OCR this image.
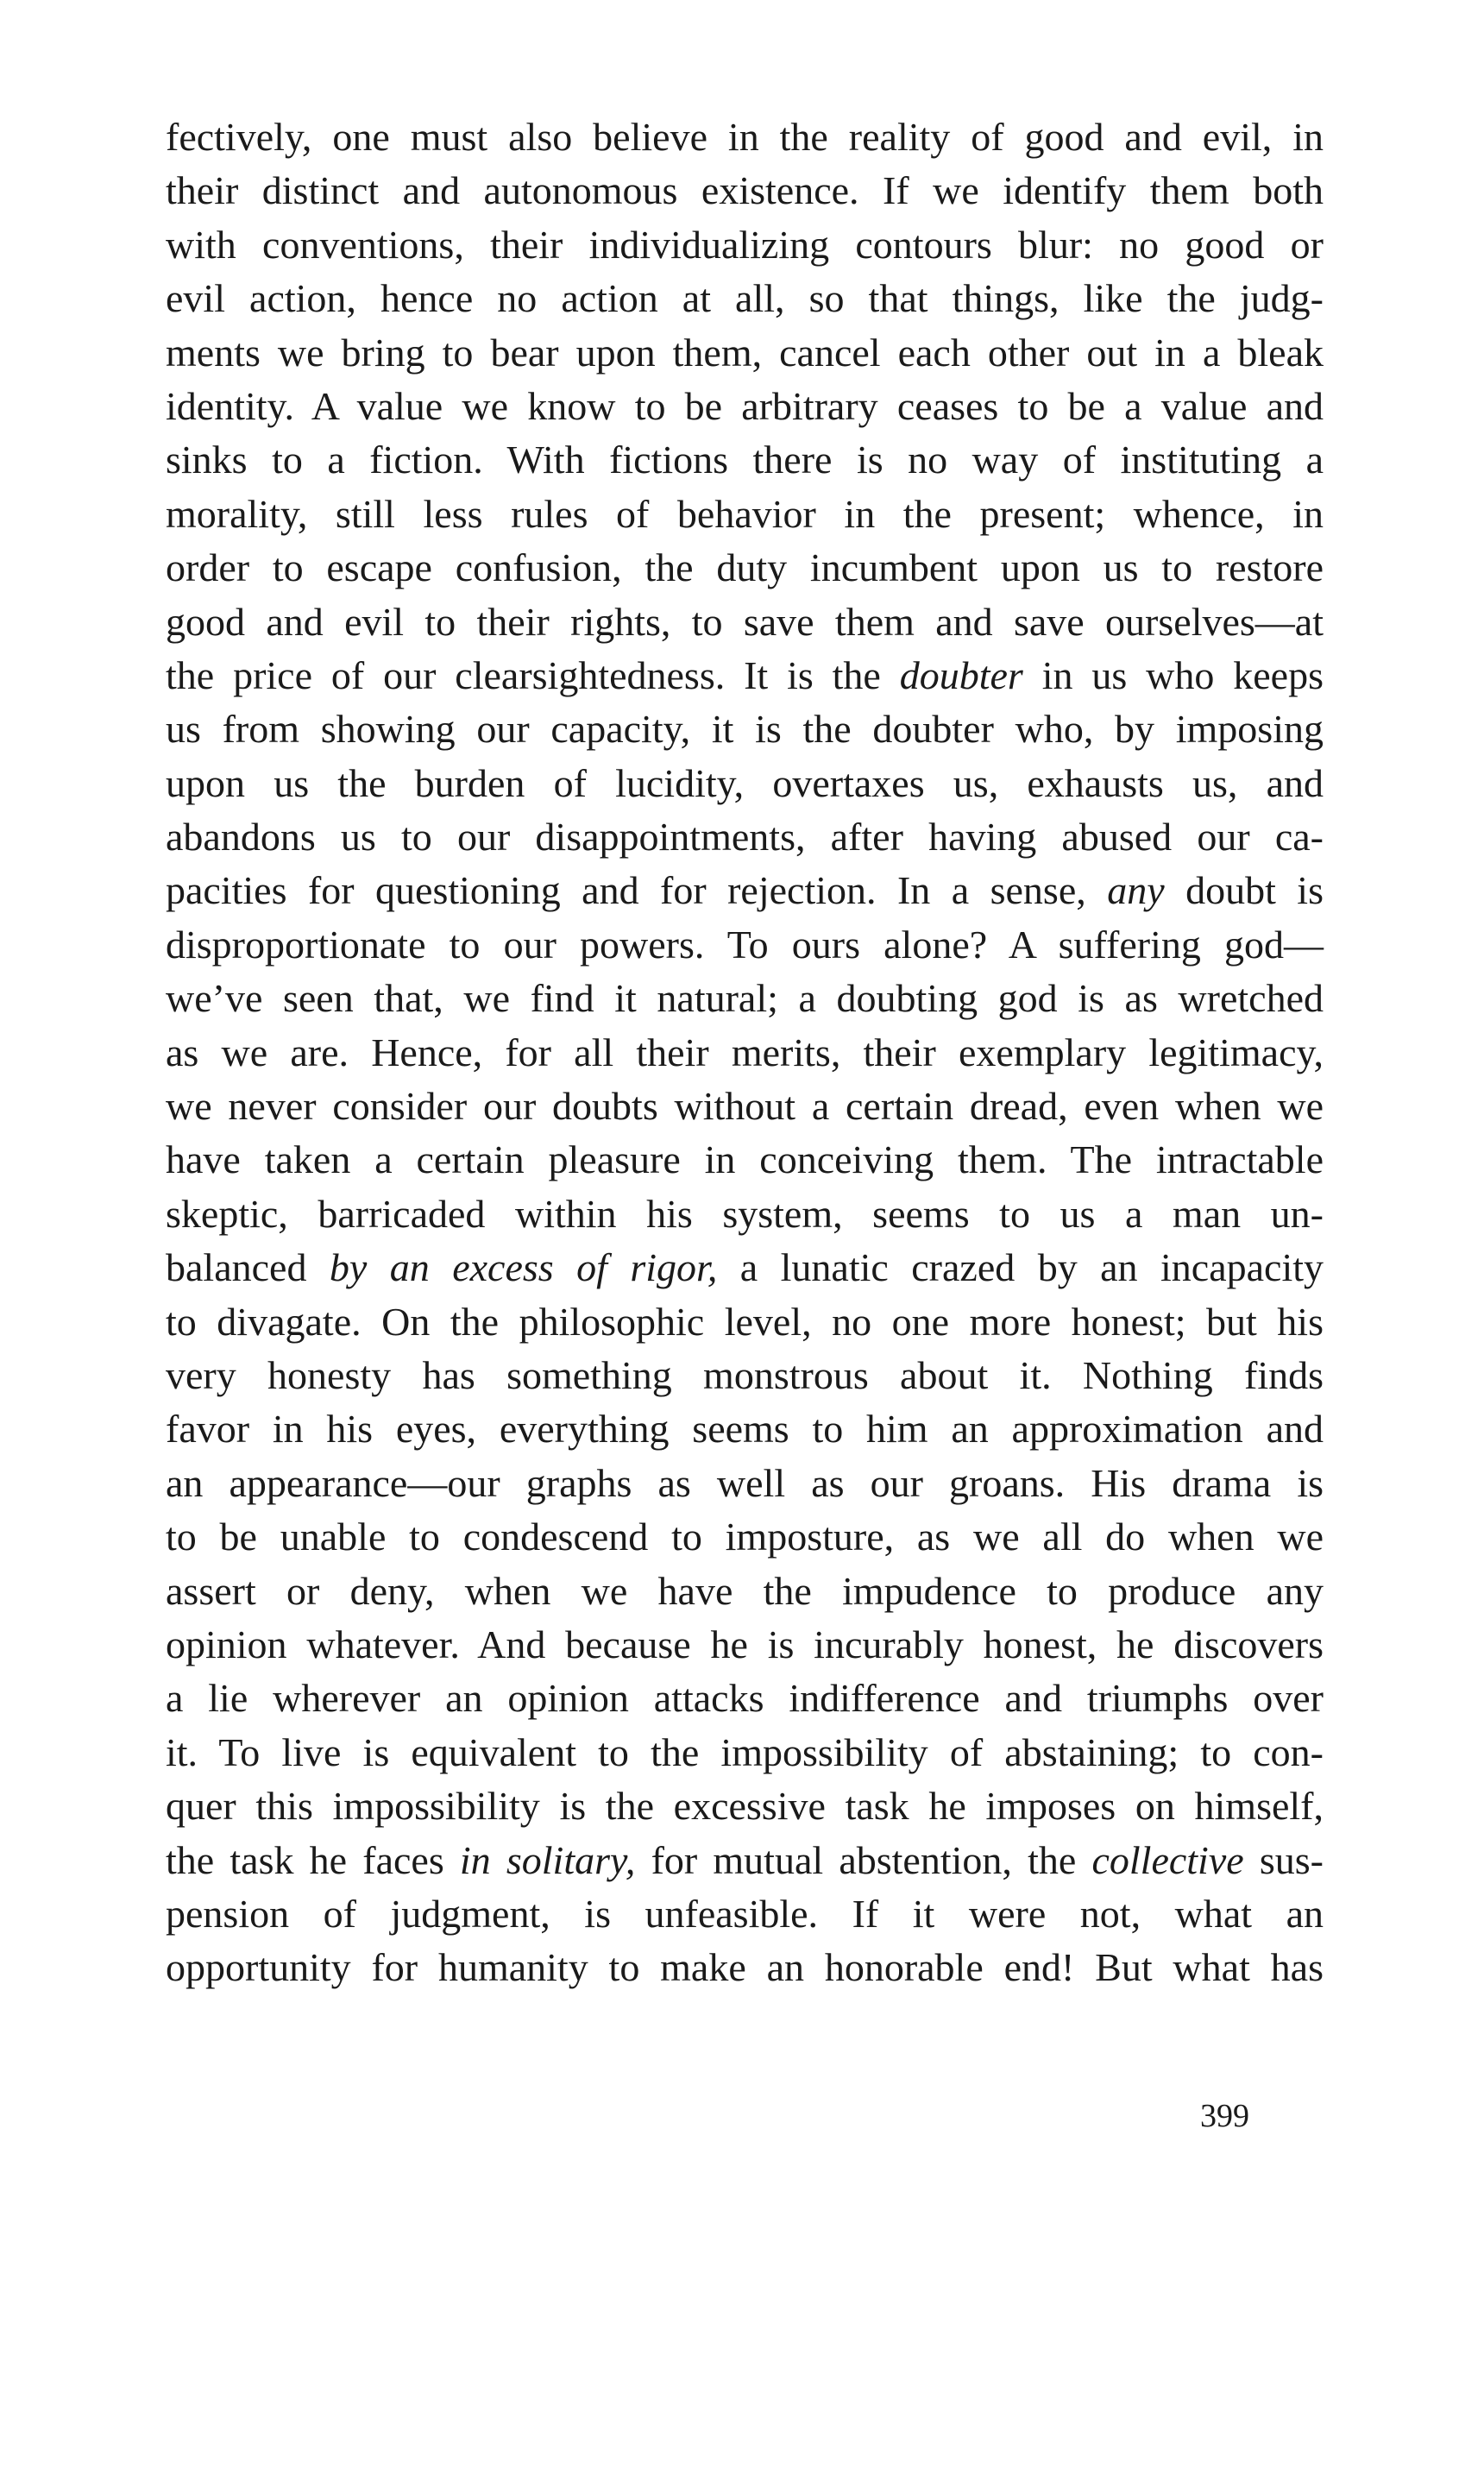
fectively, one must also believe in the reality of good and evil, in
their distinct and autonomous existence. If we identify them both
with conventions, their individualizing contours blur: no good or
evil action, hence no action at all, so that things, like the judg-
ments we bring to bear upon them, cancel each other out in a bleak
identity. A value we know to be arbitrary ceases to be a value and
sinks to a fiction. With fictions there is no way of instituting a
morality, still less rules of behavior in the present; whence, in
order to escape confusion, the duty incumbent upon us to restore
good and evil to their rights, to save them and save ourselves—at
the price of our clearsightedness. It is the doubter in us who keeps
us from showing our capacity, it is the doubter who, by imposing
upon us the burden of lucidity, overtaxes us, exhausts us, and
abandons us to our disappointments, after having abused our ca-
pacities for questioning and for rejection. In a sense, any doubt is
disproportionate to our powers. To ours alone? A suffering god—
we’ve seen that, we find it natural; a doubting god is as wretched
as we are. Hence, for all their merits, their exemplary legitimacy,
we never consider our doubts without a certain dread, even when we
have taken a certain pleasure in conceiving them. The intractable
skeptic, barricaded within his system, seems to us a man un-
balanced by an excess of rigor, a lunatic crazed by an incapacity
to divagate. On the philosophic level, no one more honest; but his
very honesty has something monstrous about it. Nothing finds
favor in his eyes, everything seems to him an approximation and
an appearance—our graphs as well as our groans. His drama is
to be unable to condescend to imposture, as we all do when we
assert or deny, when we have the impudence to produce any
opinion whatever. And because he is incurably honest, he discovers
a lie wherever an opinion attacks indifference and triumphs over
it. To live is equivalent to the impossibility of abstaining; to con-
quer this impossibility is the excessive task he imposes on himself,
the task he faces in solitary, for mutual abstention, the collective sus-
pension of judgment, is unfeasible. If it were not, what an
opportunity for humanity to make an honorable end! But what has
399
